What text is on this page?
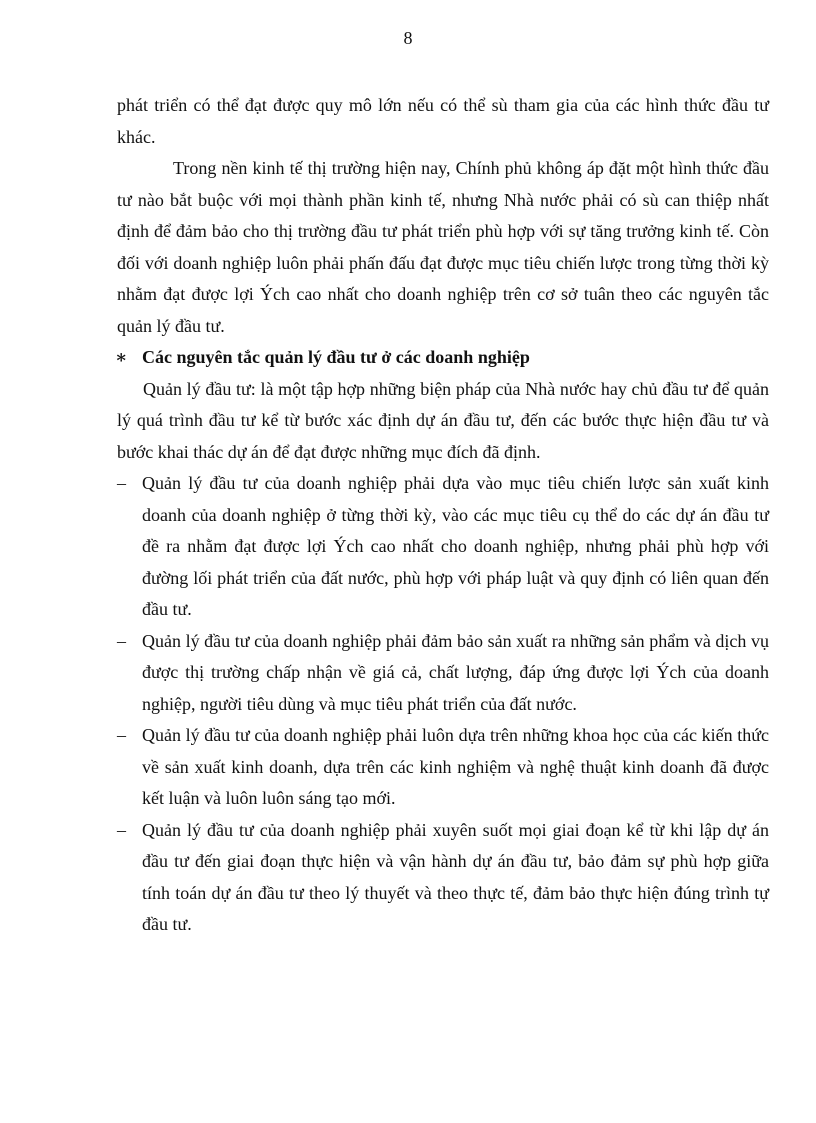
8

phát triển có thể đạt được quy mô lớn nếu có thể sù tham gia của các hình thức đầu tư khác.

Trong nền kinh tế thị trường hiện nay, Chính phủ không áp đặt một hình thức đầu tư nào bắt buộc với mọi thành phần kinh tế, nhưng Nhà nước phải có sù can thiệp nhất định để đảm bảo cho thị trường đầu tư phát triển phù hợp với sự tăng trưởng kinh tế. Còn đối với doanh nghiệp luôn phải phấn đấu đạt được mục tiêu chiến lược trong từng thời kỳ nhằm đạt được lợi Ých cao nhất cho doanh nghiệp trên cơ sở tuân theo các nguyên tắc quản lý đầu tư.

∗ Các nguyên tắc quản lý đầu tư ở các doanh nghiệp

Quản lý đầu tư: là một tập hợp những biện pháp của Nhà nước hay chủ đầu tư để quản lý quá trình đầu tư kể từ bước xác định dự án đầu tư, đến các bước thực hiện đầu tư và bước khai thác dự án để đạt được những mục đích đã định.

– Quản lý đầu tư của doanh nghiệp phải dựa vào mục tiêu chiến lược sản xuất kinh doanh của doanh nghiệp ở từng thời kỳ, vào các mục tiêu cụ thể do các dự án đầu tư đề ra nhằm đạt được lợi Ých cao nhất cho doanh nghiệp, nhưng phải phù hợp với đường lối phát triển của đất nước, phù hợp với pháp luật và quy định có liên quan đến đầu tư.

– Quản lý đầu tư của doanh nghiệp phải đảm bảo sản xuất ra những sản phẩm và dịch vụ được thị trường chấp nhận về giá cả, chất lượng, đáp ứng được lợi Ých của doanh nghiệp, người tiêu dùng và mục tiêu phát triển của đất nước.

– Quản lý đầu tư của doanh nghiệp phải luôn dựa trên những khoa học của các kiến thức về sản xuất kinh doanh, dựa trên các kinh nghiệm và nghệ thuật kinh doanh đã được kết luận và luôn luôn sáng tạo mới.

– Quản lý đầu tư của doanh nghiệp phải xuyên suốt mọi giai đoạn kể từ khi lập dự án đầu tư đến giai đoạn thực hiện và vận hành dự án đầu tư, bảo đảm sự phù hợp giữa tính toán dự án đầu tư theo lý thuyết và theo thực tế, đảm bảo thực hiện đúng trình tự đầu tư.
